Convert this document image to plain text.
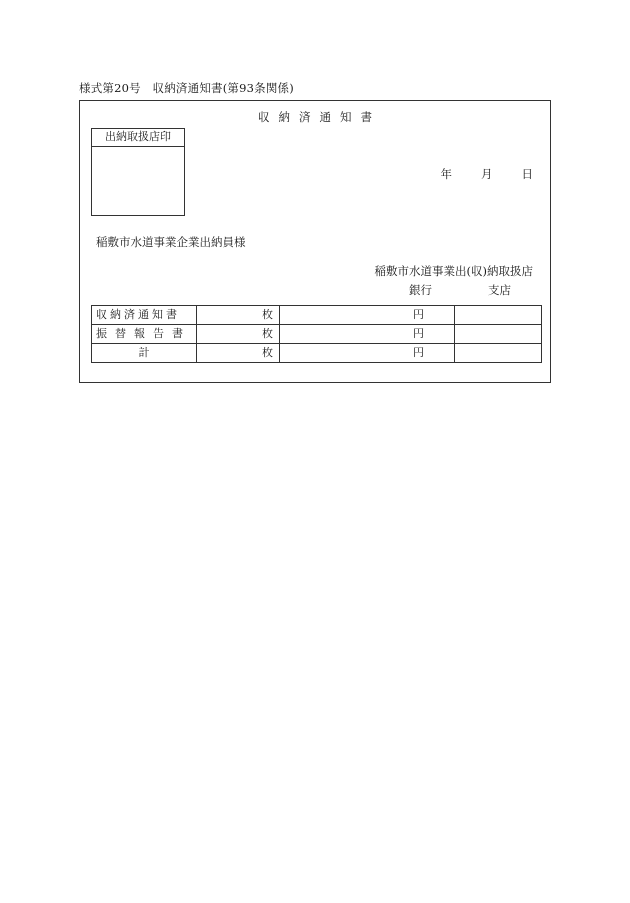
様式第20号　収納済通知書(第93条関係)
収納済通知書
出納取扱店印
年	月	日
稲敷市水道事業企業出納員様
稲敷市水道事業出(収)納取扱店
銀行	支店
収納済通知書	枚	円	
振替報告書	枚	円	
計	枚	円	
